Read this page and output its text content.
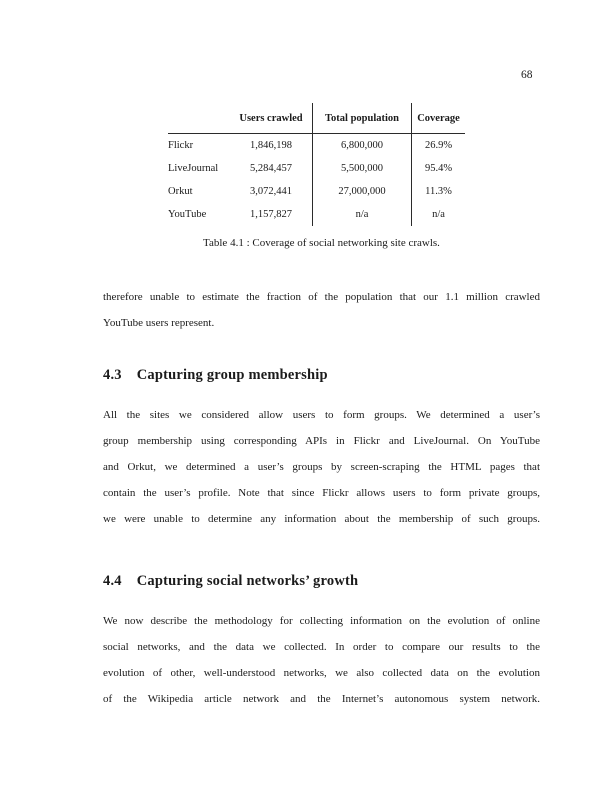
68
	Users crawled	Total population	Coverage
Flickr	1,846,198	6,800,000	26.9%
LiveJournal	5,284,457	5,500,000	95.4%
Orkut	3,072,441	27,000,000	11.3%
YouTube	1,157,827	n/a	n/a
Table 4.1 : Coverage of social networking site crawls.
therefore unable to estimate the fraction of the population that our 1.1 million crawled
YouTube users represent.
4.3 Capturing group membership
All the sites we considered allow users to form groups. We determined a user’s
group membership using corresponding APIs in Flickr and LiveJournal. On YouTube
and Orkut, we determined a user’s groups by screen-scraping the HTML pages that
contain the user’s profile. Note that since Flickr allows users to form private groups,
we were unable to determine any information about the membership of such groups.
4.4 Capturing social networks’ growth
We now describe the methodology for collecting information on the evolution of online
social networks, and the data we collected. In order to compare our results to the
evolution of other, well-understood networks, we also collected data on the evolution
of the Wikipedia article network and the Internet’s autonomous system network.
